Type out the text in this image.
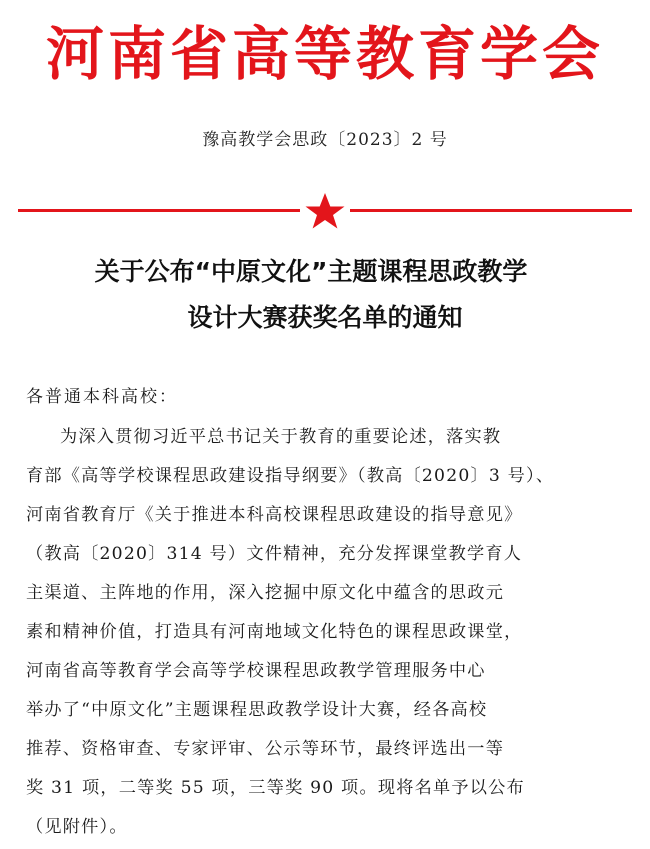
河南省高等教育学会
豫高教学会思政〔2023〕2 号
关于公布“中原文化”主题课程思政教学
设计大赛获奖名单的通知
各普通本科高校：
为深入贯彻习近平总书记关于教育的重要论述，落实教
育部《高等学校课程思政建设指导纲要》（教高〔2020〕3 号）、
河南省教育厅《关于推进本科高校课程思政建设的指导意见》
（教高〔2020〕314 号）文件精神，充分发挥课堂教学育人
主渠道、主阵地的作用，深入挖掘中原文化中蕴含的思政元
素和精神价值，打造具有河南地域文化特色的课程思政课堂，
河南省高等教育学会高等学校课程思政教学管理服务中心
举办了“中原文化”主题课程思政教学设计大赛，经各高校
推荐、资格审查、专家评审、公示等环节，最终评选出一等
奖 31 项，二等奖 55 项，三等奖 90 项。现将名单予以公布
（见附件）。
